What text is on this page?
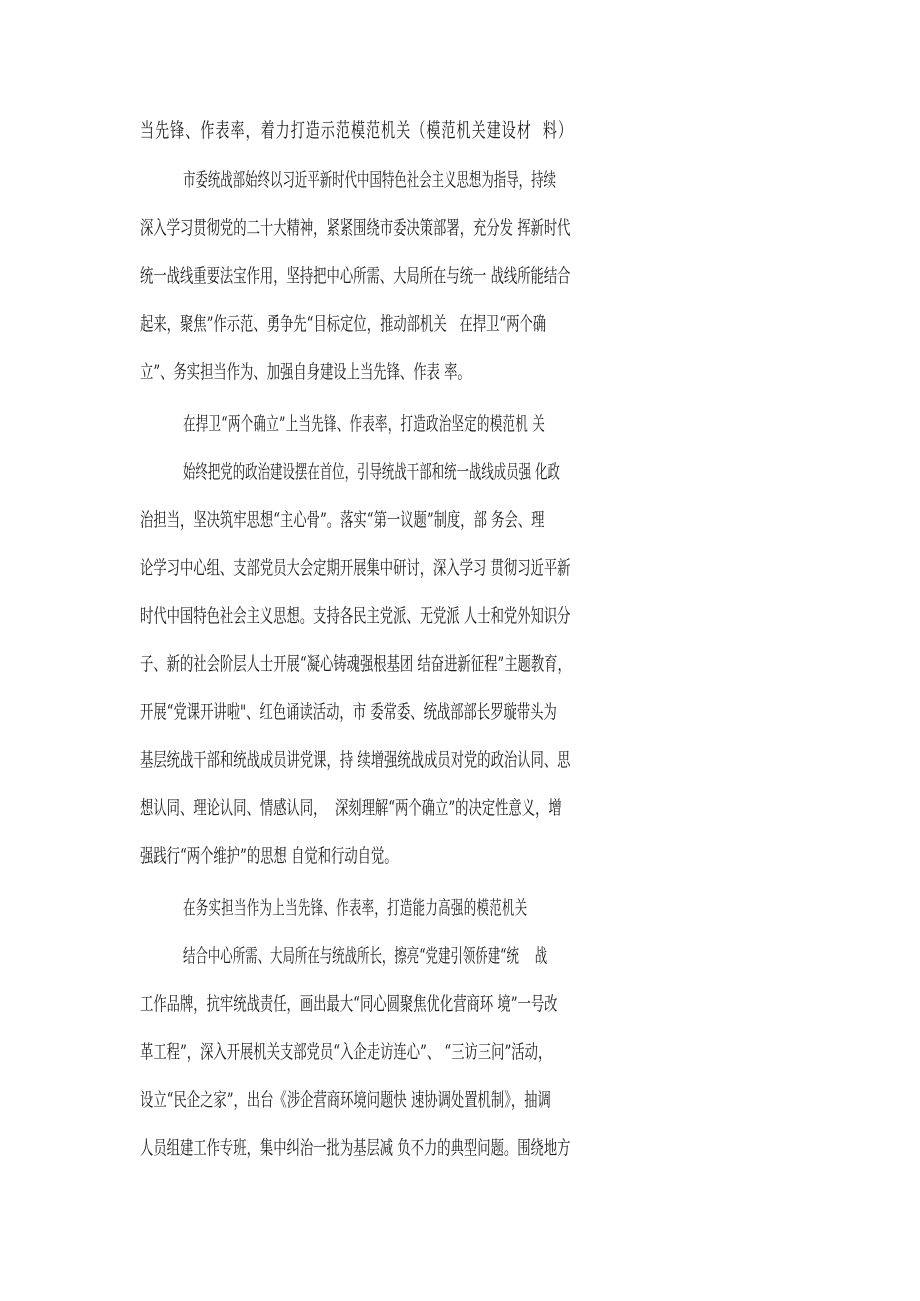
当先锋、作表率，着力打造示范模范机关（模范机关建设材  料）
市委统战部始终以习近平新时代中国特色社会主义思想为指导，持续
深入学习贯彻党的二十大精神，紧紧围绕市委决策部署，充分发 挥新时代
统一战线重要法宝作用，坚持把中心所需、大局所在与统一 战线所能结合
起来，聚焦”作示范、勇争先“目标定位，推动部机关   在捍卫“两个确
立”、务实担当作为、加强自身建设上当先锋、作表 率。
在捍卫“两个确立”上当先锋、作表率，打造政治坚定的模范机 关
始终把党的政治建设摆在首位，引导统战干部和统一战线成员强 化政
治担当，坚决筑牢思想“主心骨”。落实“第一议题”制度，部 务会、理
论学习中心组、支部党员大会定期开展集中研讨，深入学习 贯彻习近平新
时代中国特色社会主义思想。支持各民主党派、无党派 人士和党外知识分
子、新的社会阶层人士开展“凝心铸魂强根基团 结奋进新征程”主题教育，
开展“党课开讲啦"、红色诵读活动，市 委常委、统战部部长罗璇带头为
基层统战干部和统战成员讲党课，持 续增强统战成员对党的政治认同、思
想认同、理论认同、情感认同，  深刻理解“两个确立”的决定性意义，增
强践行“两个维护”的思想 自觉和行动自觉。
在务实担当作为上当先锋、作表率，打造能力高强的模范机关
结合中心所需、大局所在与统战所长，擦亮“党建引领侨建“统    战
工作品牌，抗牢统战责任，画出最大“同心圆聚焦优化营商环 境”一号改
革工程”，深入开展机关支部党员“入企走访连心”、 “三访三问”活动，
设立“民企之家”，出台《涉企营商环境问题快 速协调处置机制》，抽调
人员组建工作专班，集中纠治一批为基层减 负不力的典型问题。围绕地方
